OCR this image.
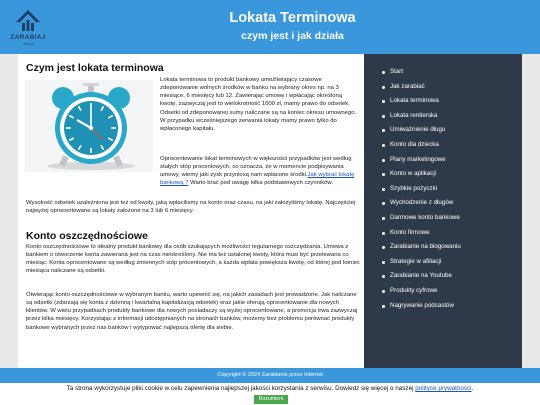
ZARABIAJ
.com.pl
Lokata Terminowa
czym jest i jak działa
Czym jest lokata terminowa
Lokata terminowa to produkt bankowy umożliwiający czasowe zdeponowanie wolnych środków w banku na wybrany okres np. na 3 miesiące, 6 miesięcy lub 12. Zawierając umowę i wpłacając określoną kwotę, zazwyczaj jest to wielokrotność 1000 zł, mamy prawo do odsetek. Odsetki od zdeponowanej sumy naliczane są na koniec okresu umownego. W przypadku wcześniejszego zerwania lokaty mamy prawo tylko do wpłaconego kapitału.
Oprocentowanie lokat terminowych w większości przypadków jest według stałych stóp procentowych, co oznacza, że w momencie podpisywania umowy, wiemy jaki zysk przyniosą nam wpłacone środki.Jak wybrać lokatę bankową ? Warto brać pod uwagę kilka podstawowych czynników.
Wysokość odsetek uzależniona jest też od kwoty, jaką wpłacilismy na konto oraz czasu, na jaki założyliśmy lokatę. Najczęściej najwyżej oprocentowane są lokaty założone na 3 lub 6 miesięcy.
Konto oszczędnościowe
Konto oszczędnościowe to idealny produkt bankowy dla osób szukających możliwości regularnego oszczędzania. Umowa z bankiem o otworzenie konta zawierana jest na czas nieokreślony. Nie ma też ustalonej kwoty, która musi być przelewana co miesiąc. Konta oprocentowane są według zmiennych stóp procentowych, a każda wpłata powiększa kwotę, od której pod koniec miesiąca naliczane są odsetki.
Otwierając konto oszczędnościowe w wybranym banku, warto upewnić się, na jakich zasadach jest prowadzone. Jak naliczane są odsetki (zdarzają się konta z dzienną i kwartalną kapitalizacją odsetek) oraz jakie oferują oprocentowanie dla nowych klientów. W wielu przypadkach produkty bankowe dla nowych posiadaczy są wyżej oprocentowane, a promocja trwa zazwyczaj przez kilka miesięcy. Korzystając z informacji udostępnianych na stronach banków, możemy bez problemu porównać produkty bankowe wybranych przez nas banków i wytypować najlepszą ofertę dla siebie.
Start
Jak zarabiać
Lokata terminowa
Lokata rentierska
Umiważnienie długu
Konto dla dziecka
Plany marketingowe
Konto w aplikacji
Szybkie pożyczki
Wychodzenie z długów
Darmowe konto bankowe
Konto firmowe
Zarabianie na blogowaniu
Strategie w afiliacji
Zarabianie na Youtube
Produkty cyfrowe
Nagrywanie podcastów
Copyright © 2024 Zarabianie przez Internet
Ta strona wykorzystuje pliki cookie w celu zapewnienia najlepszej jakości korzystania z serwisu. Dowiedz się więcej o naszej polityce prywatności.
Rozumiem
